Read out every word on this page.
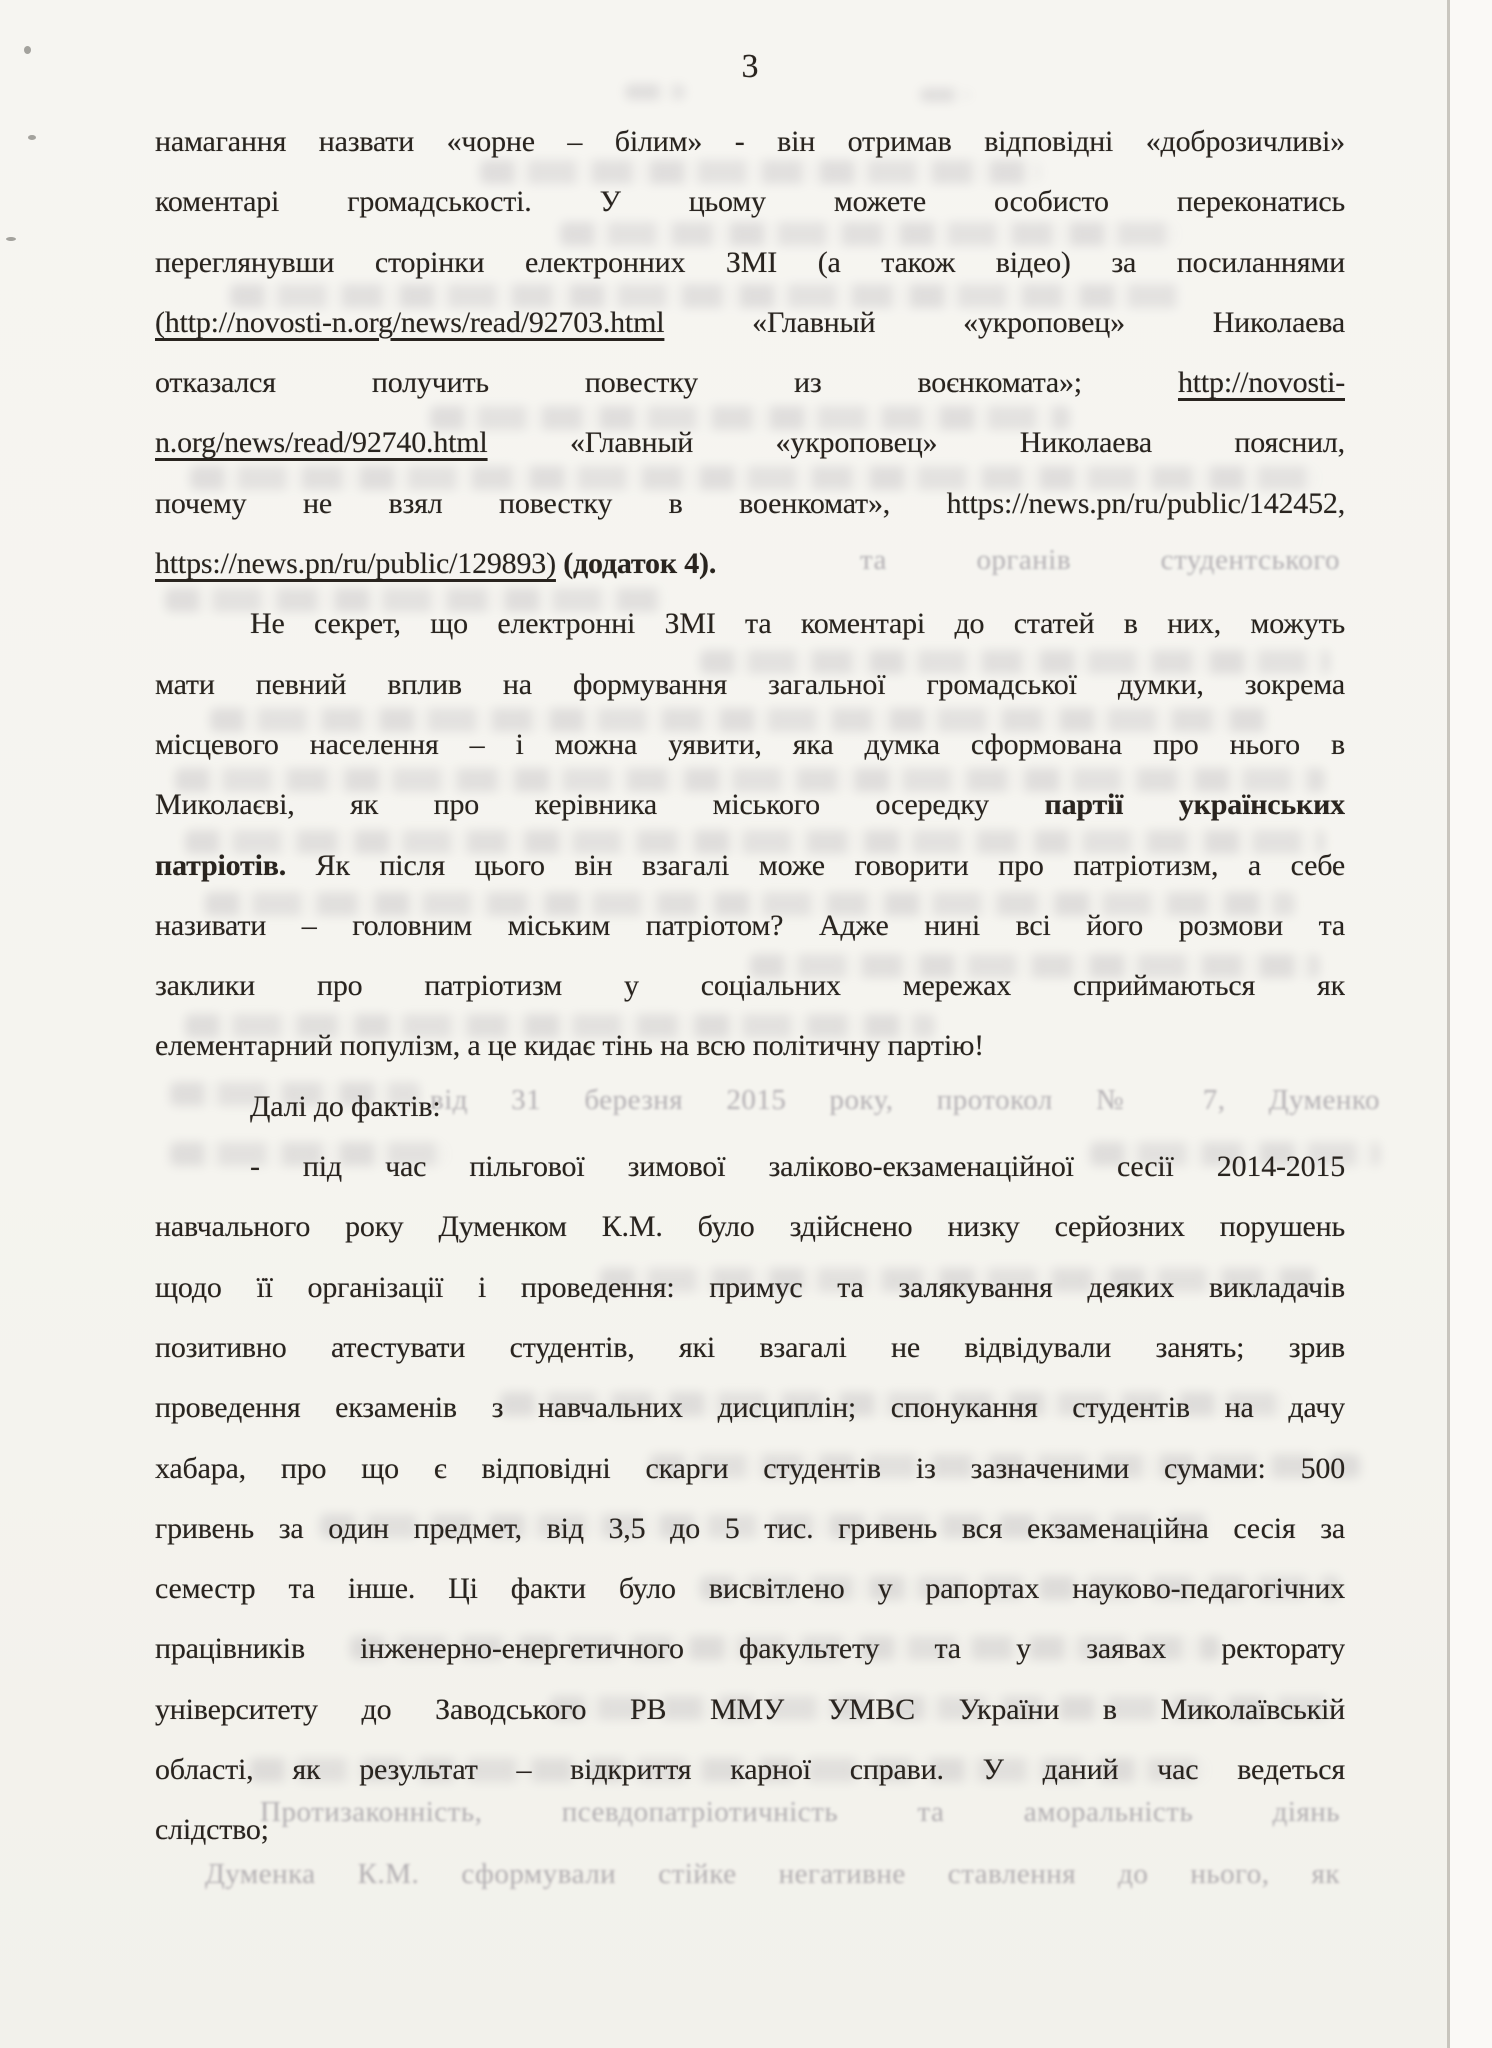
та органів студентського
від 31 березня 2015 року, протокол № 7, Думенко
Протизаконність, псевдопатріотичність та аморальність діянь
Думенка К.М. сформували стійке негативне ставлення до нього, як
3
намагання назвати «чорне – білим» - він отримав відповідні «доброзичливі»
коментарі громадськості. У цьому можете особисто переконатись
переглянувши сторінки електронних ЗМІ (а також відео) за посиланнями
(http://novosti-n.org/news/read/92703.html «Главный «укроповец» Николаева
отказался получить повестку из воєнкомата»; http://novosti-
n.org/news/read/92740.html «Главный «укроповец» Николаева пояснил,
почему не взял повестку в военкомат», https://news.pn/ru/public/142452,
https://news.pn/ru/public/129893) (додаток 4).
Не секрет, що електронні ЗМІ та коментарі до статей в них, можуть
мати певний вплив на формування загальної громадської думки, зокрема
місцевого населення – і можна уявити, яка думка сформована про нього в
Миколаєві, як про керівника міського осередку партії українських
патріотів. Як після цього він взагалі може говорити про патріотизм, а себе
називати – головним міським патріотом? Адже нині всі його розмови та
заклики про патріотизм у соціальних мережах сприймаються як
елементарний популізм, а це кидає тінь на всю політичну партію!
Далі до фактів:
- під час пільгової зимової заліково-екзаменаційної сесії 2014-2015
навчального року Думенком К.М. було здійснено низку серйозних порушень
щодо її організації і проведення: примус та залякування деяких викладачів
позитивно атестувати студентів, які взагалі не відвідували занять; зрив
проведення екзаменів з навчальних дисциплін; спонукання студентів на дачу
хабара, про що є відповідні скарги студентів із зазначеними сумами: 500
гривень за один предмет, від 3,5 до 5 тис. гривень вся екзаменаційна сесія за
семестр та інше. Ці факти було висвітлено у рапортах науково-педагогічних
працівників інженерно-енергетичного факультету та у заявах ректорату
університету до Заводського РВ ММУ УМВС України в Миколаївській
області, як результат – відкриття карної справи. У даний час ведеться
слідство;
